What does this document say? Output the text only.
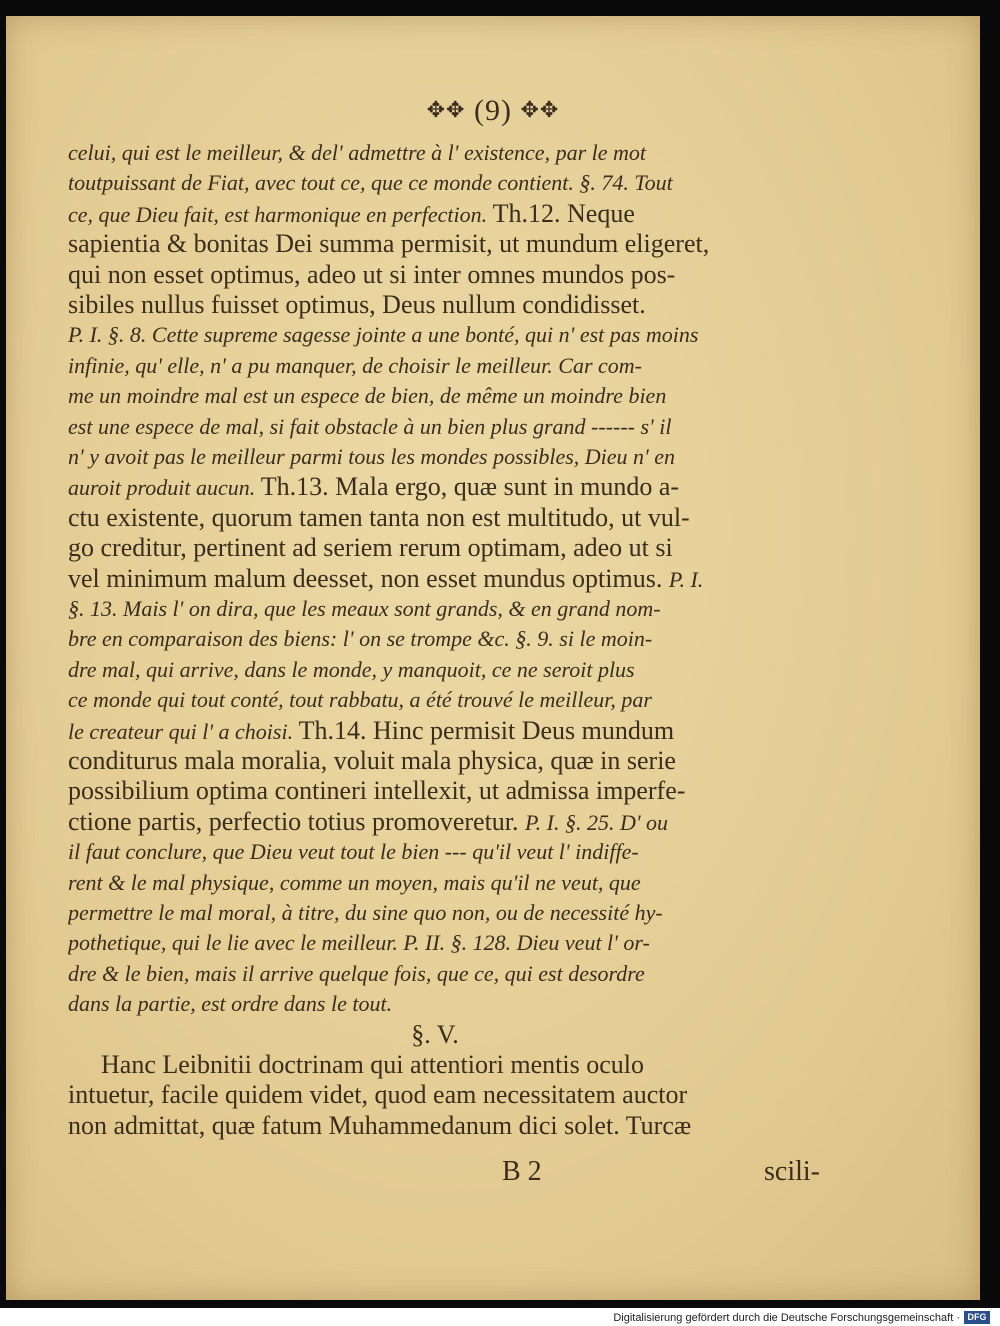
✥✥ (9) ✥✥
celui, qui est le meilleur, & del' admettre à l' existence, par le mot
toutpuissant de Fiat, avec tout ce, que ce monde contient. §. 74. Tout
ce, que Dieu fait, est harmonique en perfection. Th.12. Neque
sapientia & bonitas Dei summa permisit, ut mundum eligeret,
qui non esset optimus, adeo ut si inter omnes mundos pos-
sibiles nullus fuisset optimus, Deus nullum condidisset.
P. I. §. 8. Cette supreme sagesse jointe a une bonté, qui n' est pas moins
infinie, qu' elle, n' a pu manquer, de choisir le meilleur. Car com-
me un moindre mal est un espece de bien, de même un moindre bien
est une espece de mal, si fait obstacle à un bien plus grand ------ s' il
n' y avoit pas le meilleur parmi tous les mondes possibles, Dieu n' en
auroit produit aucun. Th.13. Mala ergo, quæ sunt in mundo a-
ctu existente, quorum tamen tanta non est multitudo, ut vul-
go creditur, pertinent ad seriem rerum optimam, adeo ut si
vel minimum malum deesset, non esset mundus optimus. P. I.
§. 13. Mais l' on dira, que les meaux sont grands, & en grand nom-
bre en comparaison des biens: l' on se trompe &c. §. 9. si le moin-
dre mal, qui arrive, dans le monde, y manquoit, ce ne seroit plus
ce monde qui tout conté, tout rabbatu, a été trouvé le meilleur, par
le createur qui l' a choisi. Th.14. Hinc permisit Deus mundum
conditurus mala moralia, voluit mala physica, quæ in serie
possibilium optima contineri intellexit, ut admissa imperfe-
ctione partis, perfectio totius promoveretur. P. I. §. 25. D' ou
il faut conclure, que Dieu veut tout le bien --- qu'il veut l' indiffe-
rent & le mal physique, comme un moyen, mais qu'il ne veut, que
permettre le mal moral, à titre, du sine quo non, ou de necessité hy-
pothetique, qui le lie avec le meilleur. P. II. §. 128. Dieu veut l' or-
dre & le bien, mais il arrive quelque fois, que ce, qui est desordre
dans la partie, est ordre dans le tout.
§. V.
Hanc Leibnitii doctrinam qui attentiori mentis oculo
intuetur, facile quidem videt, quod eam necessitatem auctor
non admittat, quæ fatum Muhammedanum dici solet. Turcæ
B 2	scili-
Digitalisierung gefördert durch die Deutsche Forschungsgemeinschaft · DFG
